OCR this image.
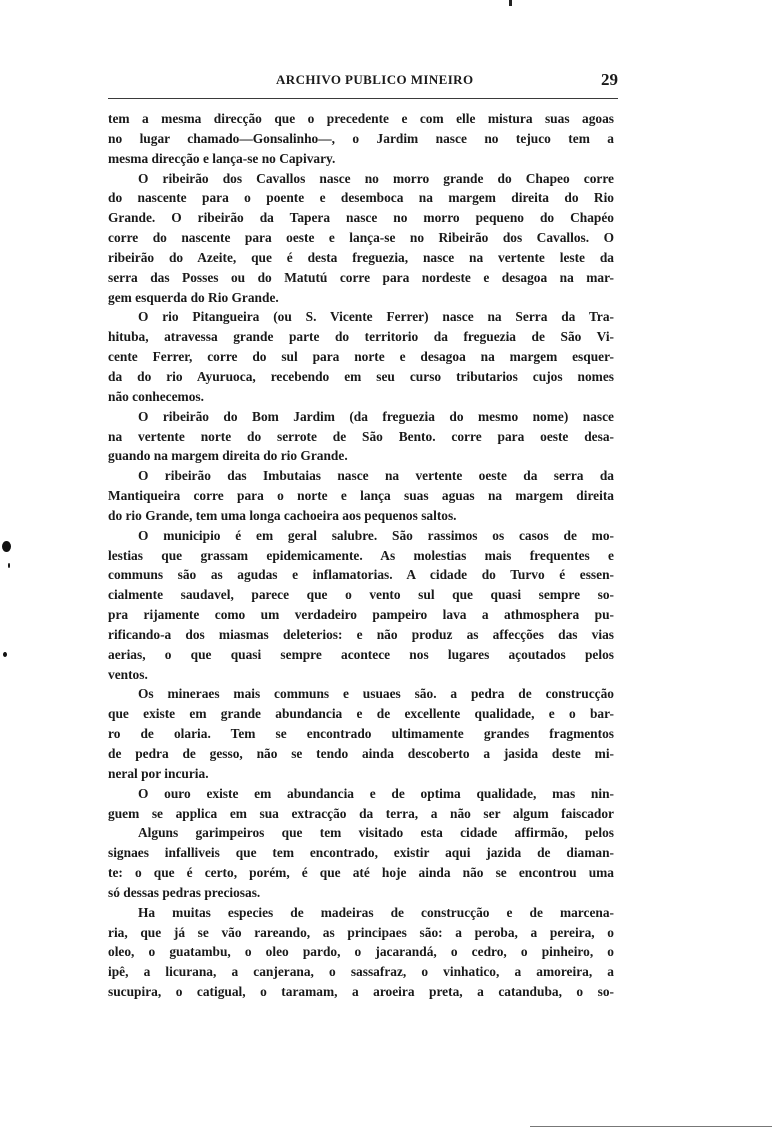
ARCHIVO PUBLICO MINEIRO	29
tem a mesma direcção que o precedente e com elle mistura suas agoas
no lugar chamado—Gonsalinho—, o Jardim nasce no tejuco tem a
mesma direcção e lança-se no Capivary.
O ribeirão dos Cavallos nasce no morro grande do Chapeo corre
do nascente para o poente e desemboca na margem direita do Rio
Grande. O ribeirão da Tapera nasce no morro pequeno do Chapéo
corre do nascente para oeste e lança-se no Ribeirão dos Cavallos. O
ribeirão do Azeite, que é desta freguezia, nasce na vertente leste da
serra das Posses ou do Matutú corre para nordeste e desagoa na mar-
gem esquerda do Rio Grande.
O rio Pitangueira (ou S. Vicente Ferrer) nasce na Serra da Tra-
hituba, atravessa grande parte do territorio da freguezia de São Vi-
cente Ferrer, corre do sul para norte e desagoa na margem esquer-
da do rio Ayuruoca, recebendo em seu curso tributarios cujos nomes
não conhecemos.
O ribeirão do Bom Jardim (da freguezia do mesmo nome) nasce
na vertente norte do serrote de São Bento. corre para oeste desa-
guando na margem direita do rio Grande.
O ribeirão das Imbutaias nasce na vertente oeste da serra da
Mantiqueira corre para o norte e lança suas aguas na margem direita
do rio Grande, tem uma longa cachoeira aos pequenos saltos.
O municipio é em geral salubre. São rassimos os casos de mo-
lestias que grassam epidemicamente. As molestias mais frequentes e
communs são as agudas e inflamatorias. A cidade do Turvo é essen-
cialmente saudavel, parece que o vento sul que quasi sempre so-
pra rijamente como um verdadeiro pampeiro lava a athmosphera pu-
rificando-a dos miasmas deleterios: e não produz as affecções das vias
aerias, o que quasi sempre acontece nos lugares açoutados pelos
ventos.
Os mineraes mais communs e usuaes são. a pedra de construcção
que existe em grande abundancia e de excellente qualidade, e o bar-
ro de olaria. Tem se encontrado ultimamente grandes fragmentos
de pedra de gesso, não se tendo ainda descoberto a jasida deste mi-
neral por incuria.
O ouro existe em abundancia e de optima qualidade, mas nin-
guem se applica em sua extracção da terra, a não ser algum faiscador
Alguns garimpeiros que tem visitado esta cidade affirmão, pelos
signaes infalliveis que tem encontrado, existir aqui jazida de diaman-
te: o que é certo, porém, é que até hoje ainda não se encontrou uma
só dessas pedras preciosas.
Ha muitas especies de madeiras de construcção e de marcena-
ria, que já se vão rareando, as principaes são: a peroba, a pereira, o
oleo, o guatambu, o oleo pardo, o jacarandá, o cedro, o pinheiro, o
ipê, a licurana, a canjerana, o sassafraz, o vinhatico, a amoreira, a
sucupira, o catigual, o taramam, a aroeira preta, a catanduba, o so-
